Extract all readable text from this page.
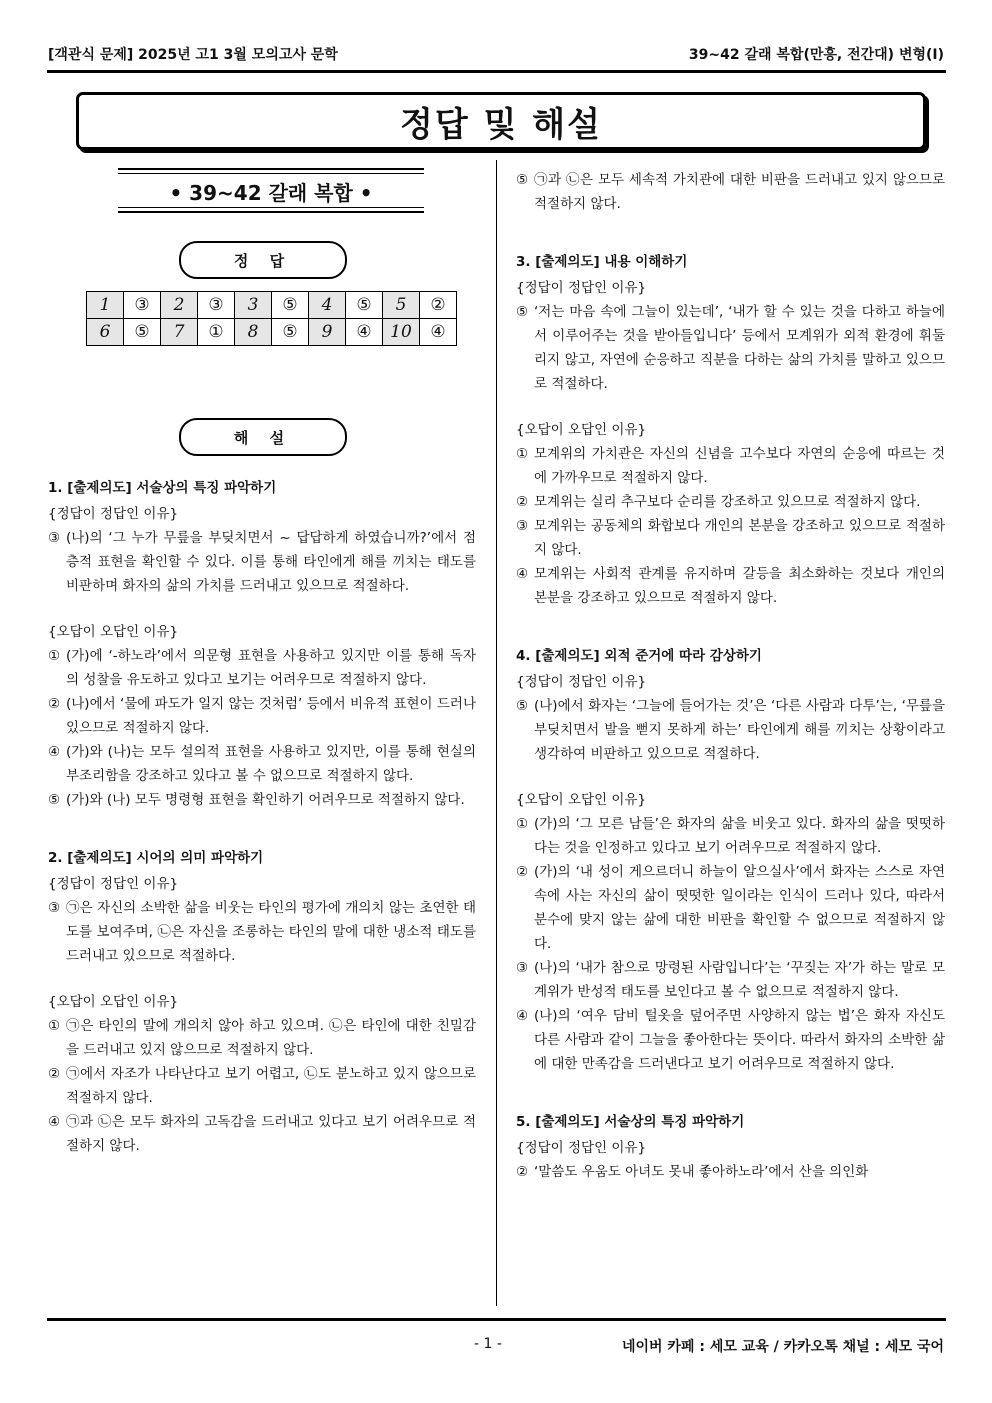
[객관식 문제] 2025년 고1 3월 모의고사 문학	39~42 갈래 복합(만흥, 전간대) 변형(I)
정답 및 해설
• 39~42 갈래 복합 •
정 답
1	③	2	③	3	⑤	4	⑤	5	②
6	⑤	7	①	8	⑤	9	④	10	④
해 설
1. [출제의도] 서술상의 특징 파악하기
{정답이 정답인 이유}
③ (나)의 ‘그 누가 무릎을 부딪치면서 ~ 답답하게 하였습니까?’에서 점층적 표현을 확인할 수 있다. 이를 통해 타인에게 해를 끼치는 태도를 비판하며 화자의 삶의 가치를 드러내고 있으므로 적절하다.
{오답이 오답인 이유}
① (가)에 ‘-하노라’에서 의문형 표현을 사용하고 있지만 이를 통해 독자의 성찰을 유도하고 있다고 보기는 어려우므로 적절하지 않다.
② (나)에서 ‘물에 파도가 일지 않는 것처럼’ 등에서 비유적 표현이 드러나 있으므로 적절하지 않다.
④ (가)와 (나)는 모두 설의적 표현을 사용하고 있지만, 이를 통해 현실의 부조리함을 강조하고 있다고 볼 수 없으므로 적절하지 않다.
⑤ (가)와 (나) 모두 명령형 표현을 확인하기 어려우므로 적절하지 않다.
2. [출제의도] 시어의 의미 파악하기
{정답이 정답인 이유}
③ ㉠은 자신의 소박한 삶을 비웃는 타인의 평가에 개의치 않는 초연한 태도를 보여주며, ㉡은 자신을 조롱하는 타인의 말에 대한 냉소적 태도를 드러내고 있으므로 적절하다.
{오답이 오답인 이유}
① ㉠은 타인의 말에 개의치 않아 하고 있으며. ㉡은 타인에 대한 친밀감을 드러내고 있지 않으므로 적절하지 않다.
② ㉠에서 자조가 나타난다고 보기 어렵고, ㉡도 분노하고 있지 않으므로 적절하지 않다.
④ ㉠과 ㉡은 모두 화자의 고독감을 드러내고 있다고 보기 어려우므로 적절하지 않다.
⑤ ㉠과 ㉡은 모두 세속적 가치관에 대한 비판을 드러내고 있지 않으므로 적절하지 않다.
3. [출제의도] 내용 이해하기
{정답이 정답인 이유}
⑤ ‘저는 마음 속에 그늘이 있는데’, ‘내가 할 수 있는 것을 다하고 하늘에서 이루어주는 것을 받아들입니다’ 등에서 모계위가 외적 환경에 휘둘리지 않고, 자연에 순응하고 직분을 다하는 삶의 가치를 말하고 있으므로 적절하다.
{오답이 오답인 이유}
① 모계위의 가치관은 자신의 신념을 고수보다 자연의 순응에 따르는 것에 가까우므로 적절하지 않다.
② 모계위는 실리 추구보다 순리를 강조하고 있으므로 적절하지 않다.
③ 모계위는 공동체의 화합보다 개인의 본분을 강조하고 있으므로 적절하지 않다.
④ 모계위는 사회적 관계를 유지하며 갈등을 최소화하는 것보다 개인의 본분을 강조하고 있으므로 적절하지 않다.
4. [출제의도] 외적 준거에 따라 감상하기
{정답이 정답인 이유}
⑤ (나)에서 화자는 ‘그늘에 들어가는 것’은 ‘다른 사람과 다투’는, ‘무릎을 부딪치면서 발을 뻗지 못하게 하는’ 타인에게 해를 끼치는 상황이라고 생각하여 비판하고 있으므로 적절하다.
{오답이 오답인 이유}
① (가)의 ‘그 모른 남들’은 화자의 삶을 비웃고 있다. 화자의 삶을 떳떳하다는 것을 인정하고 있다고 보기 어려우므로 적절하지 않다.
② (가)의 ‘내 성이 게으르더니 하늘이 알으실사’에서 화자는 스스로 자연 속에 사는 자신의 삶이 떳떳한 일이라는 인식이 드러나 있다, 따라서 분수에 맞지 않는 삶에 대한 비판을 확인할 수 없으므로 적절하지 않다.
③ (나)의 ‘내가 참으로 망령된 사람입니다’는 ‘꾸짖는 자’가 하는 말로 모계위가 반성적 태도를 보인다고 볼 수 없으므로 적절하지 않다.
④ (나)의 ‘여우 담비 털옷을 덮어주면 사양하지 않는 법’은 화자 자신도 다른 사람과 같이 그늘을 좋아한다는 뜻이다. 따라서 화자의 소박한 삶에 대한 만족감을 드러낸다고 보기 어려우므로 적절하지 않다.
5. [출제의도] 서술상의 특징 파악하기
{정답이 정답인 이유}
② ‘말씀도 우움도 아녀도 못내 좋아하노라’에서 산을 의인화
- 1 -	네이버 카페 : 세모 교육 / 카카오톡 채널 : 세모 국어
